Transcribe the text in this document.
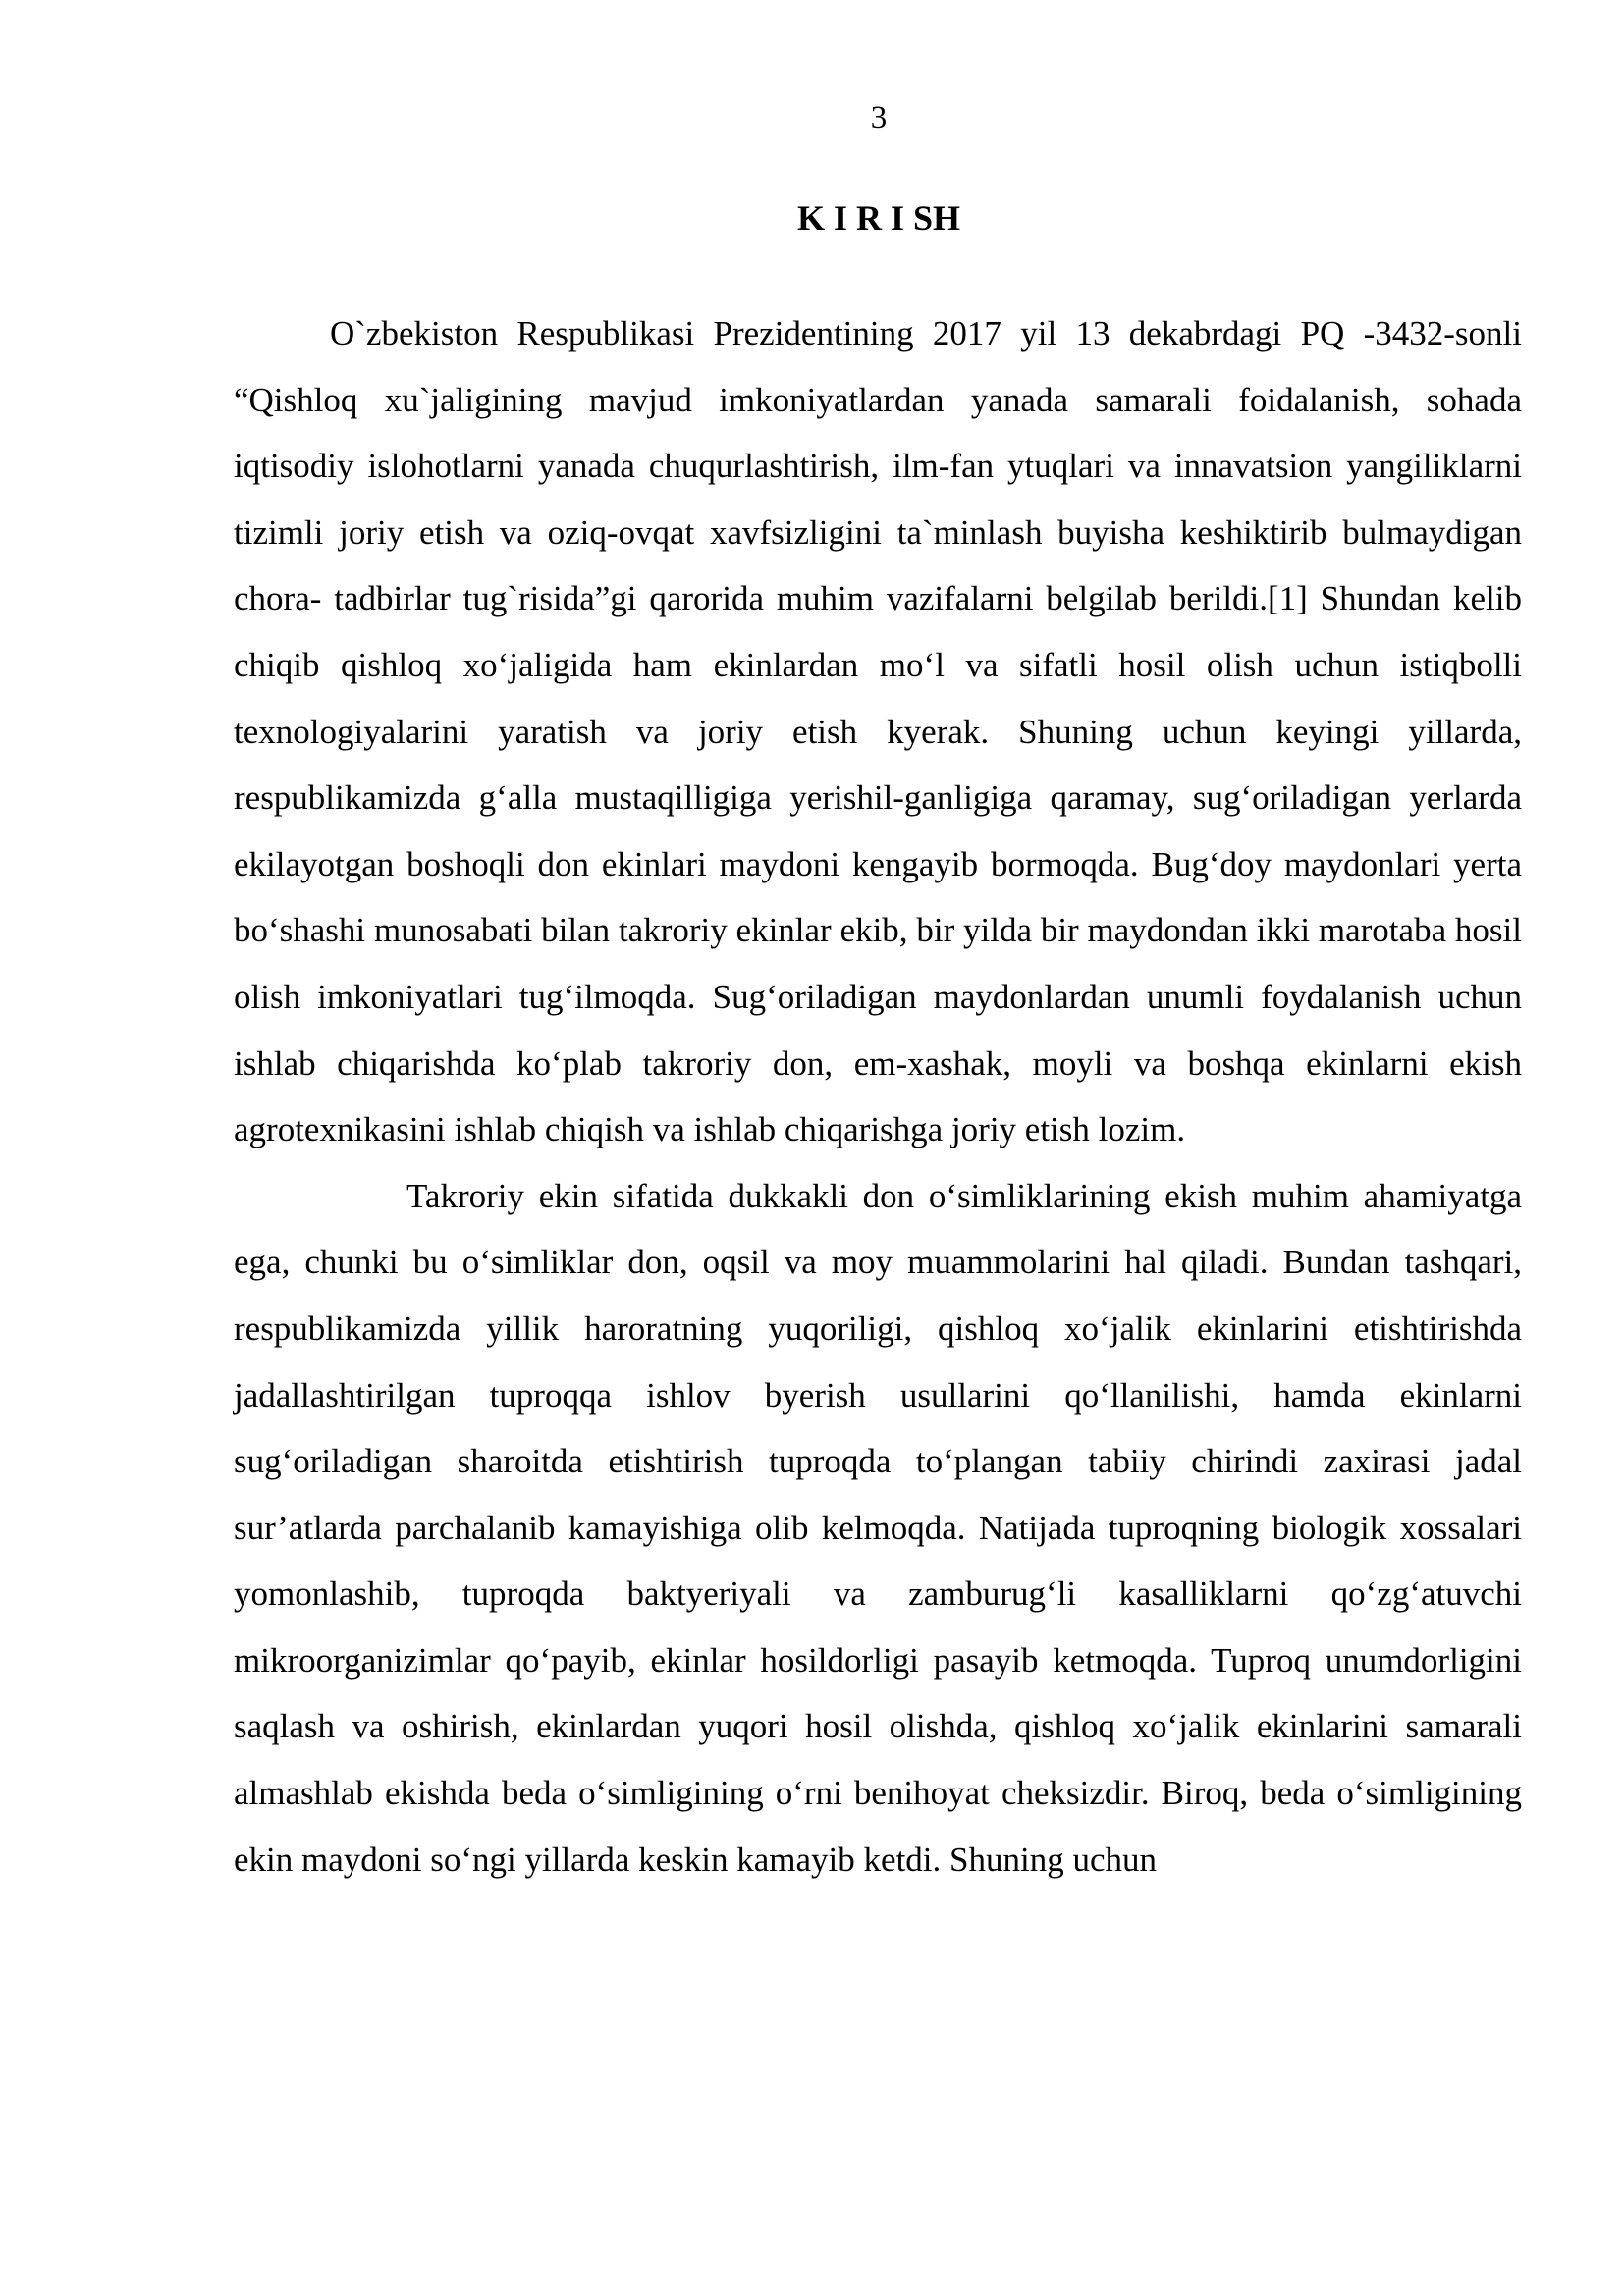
3
K I R I SH

O`zbekiston Respublikasi Prezidentining 2017 yil 13 dekabrdagi PQ -3432-sonli “Qishloq xu`jaligining mavjud imkoniyatlardan yanada samarali foidalanish, sohada iqtisodiy islohotlarni yanada chuqurlashtirish, ilm-fan ytuqlari va innavatsion yangiliklarni tizimli joriy etish va oziq-ovqat xavfsizligini ta`minlash buyisha keshiktirib bulmaydigan chora- tadbirlar tug`risida”gi qarorida muhim vazifalarni belgilab berildi.[1] Shundan kelib chiqib qishloq xo‘jaligida ham ekinlardan mo‘l va sifatli hosil olish uchun istiqbolli texnologiyalarini yaratish va joriy etish kyerak. Shuning uchun keyingi yillarda, respublikamizda g‘alla mustaqilligiga yerishil-ganligiga qaramay, sug‘oriladigan yerlarda ekilayotgan boshoqli don ekinlari maydoni kengayib bormoqda. Bug‘doy maydonlari yerta bo‘shashi munosabati bilan takroriy ekinlar ekib, bir yilda bir maydondan ikki marotaba hosil olish imkoniyatlari tug‘ilmoqda. Sug‘oriladigan maydonlardan unumli foydalanish uchun ishlab chiqarishda ko‘plab takroriy don, em-xashak, moyli va boshqa ekinlarni ekish agrotexnikasini ishlab chiqish va ishlab chiqarishga joriy etish lozim.

Takroriy ekin sifatida dukkakli don o‘simliklarining ekish muhim ahamiyatga ega, chunki bu o‘simliklar don, oqsil va moy muammolarini hal qiladi. Bundan tashqari, respublikamizda yillik haroratning yuqoriligi, qishloq xo‘jalik ekinlarini etishtirishda jadallashtirilgan tuproqqa ishlov byerish usullarini qo‘llanilishi, hamda ekinlarni sug‘oriladigan sharoitda etishtirish tuproqda to‘plangan tabiiy chirindi zaxirasi jadal sur’atlarda parchalanib kamayishiga olib kelmoqda. Natijada tuproqning biologik xossalari yomonlashib, tuproqda baktyeriyali va zamburug‘li kasalliklarni qo‘zg‘atuvchi mikroorganizimlar qo‘payib, ekinlar hosildorligi pasayib ketmoqda. Tuproq unumdorligini saqlash va oshirish, ekinlardan yuqori hosil olishda, qishloq xo‘jalik ekinlarini samarali almashlab ekishda beda o‘simligining o‘rni benihoyat cheksizdir. Biroq, beda o‘simligining ekin maydoni so‘ngi yillarda keskin kamayib ketdi. Shuning uchun
